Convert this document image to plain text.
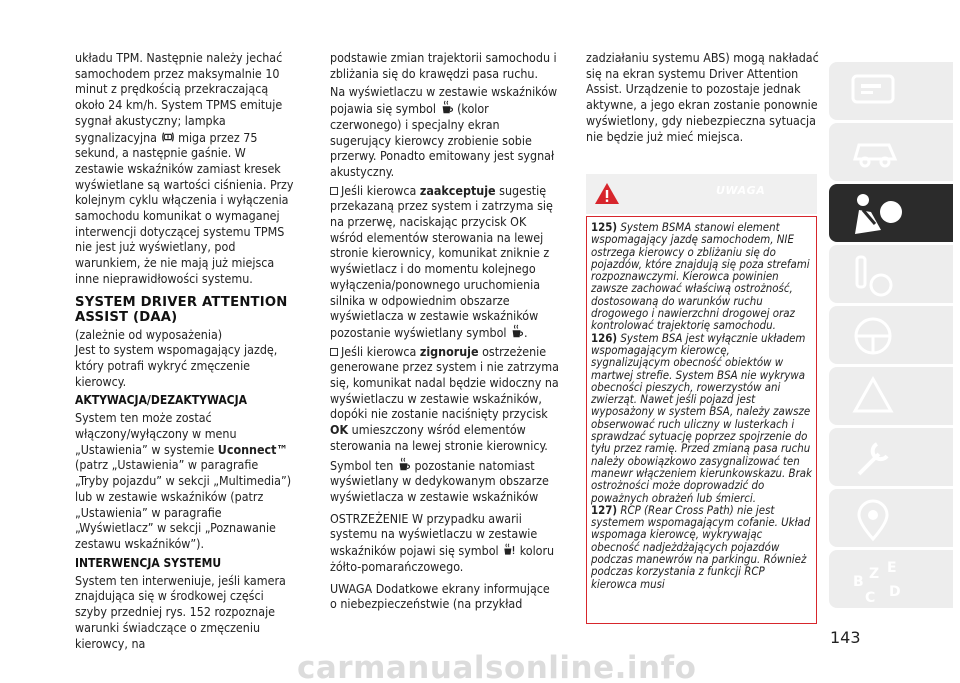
układu TPM. Następnie należy jechać samochodem przez maksymalnie 10 minut z prędkością przekraczającą około 24 km/h. System TPMS emituje sygnał akustyczny; lampka sygnalizacyjna miga przez 75 sekund, a następnie gaśnie. W zestawie wskaźników zamiast kresek wyświetlane są wartości ciśnienia. Przy kolejnym cyklu włączenia i wyłączenia samochodu komunikat o wymaganej interwencji dotyczącej systemu TPMS nie jest już wyświetlany, pod warunkiem, że nie mają już miejsca inne nieprawidłowości systemu.

SYSTEM DRIVER ATTENTION ASSIST (DAA)

(zależnie od wyposażenia)

Jest to system wspomagający jazdę, który potrafi wykryć zmęczenie kierowcy.

AKTYWACJA/DEZAKTYWACJA

System ten może zostać włączony/wyłączony w menu „Ustawienia” w systemie Uconnect™ (patrz „Ustawienia” w paragrafie „Tryby pojazdu” w sekcji „Multimedia”) lub w zestawie wskaźników (patrz „Ustawienia” w paragrafie „Wyświetlacz” w sekcji „Poznawanie zestawu wskaźników”).

INTERWENCJA SYSTEMU

System ten interweniuje, jeśli kamera znajdująca się w środkowej części szyby przedniej rys. 152 rozpoznaje warunki świadczące o zmęczeniu kierowcy, na

podstawie zmian trajektorii samochodu i zbliżania się do krawędzi pasa ruchu.

Na wyświetlaczu w zestawie wskaźników pojawia się symbol (kolor czerwonego) i specjalny ekran sugerujący kierowcy zrobienie sobie przerwy. Ponadto emitowany jest sygnał akustyczny.

Jeśli kierowca zaakceptuje sugestię przekazaną przez system i zatrzyma się na przerwę, naciskając przycisk OK wśród elementów sterowania na lewej stronie kierownicy, komunikat zniknie z wyświetlacz i do momentu kolejnego wyłączenia/ponownego uruchomienia silnika w odpowiednim obszarze wyświetlacza w zestawie wskaźników pozostanie wyświetlany symbol .

Jeśli kierowca zignoruje ostrzeżenie generowane przez system i nie zatrzyma się, komunikat nadal będzie widoczny na wyświetlaczu w zestawie wskaźników, dopóki nie zostanie naciśnięty przycisk OK umieszczony wśród elementów sterowania na lewej stronie kierownicy.

Symbol ten pozostanie natomiast wyświetlany w dedykowanym obszarze wyświetlacza w zestawie wskaźników

OSTRZEŻENIE W przypadku awarii systemu na wyświetlaczu w zestawie wskaźników pojawi się symbol koloru żółto-pomarańczowego.

UWAGA Dodatkowe ekrany informujące o niebezpieczeństwie (na przykład

zadziałaniu systemu ABS) mogą nakładać się na ekran systemu Driver Attention Assist. Urządzenie to pozostaje jednak aktywne, a jego ekran zostanie ponownie wyświetlony, gdy niebezpieczna sytuacja nie będzie już mieć miejsca.

UWAGA

125) System BSMA stanowi element wspomagający jazdę samochodem, NIE ostrzega kierowcy o zbliżaniu się do pojazdów, które znajdują się poza strefami rozpoznawczymi. Kierowca powinien zawsze zachować właściwą ostrożność, dostosowaną do warunków ruchu drogowego i nawierzchni drogowej oraz kontrolować trajektorię samochodu.

126) System BSA jest wyłącznie układem wspomagającym kierowcę, sygnalizującym obecność obiektów w martwej strefie. System BSA nie wykrywa obecności pieszych, rowerzystów ani zwierząt. Nawet jeśli pojazd jest wyposażony w system BSA, należy zawsze obserwować ruch uliczny w lusterkach i sprawdzać sytuację poprzez spojrzenie do tyłu przez ramię. Przed zmianą pasa ruchu należy obowiązkowo zasygnalizować ten manewr włączeniem kierunkowskazu. Brak ostrożności może doprowadzić do poważnych obrażeń lub śmierci.

127) RCP (Rear Cross Path) nie jest systemem wspomagającym cofanie. Układ wspomaga kierowcę, wykrywając obecność nadjeżdżających pojazdów podczas manewrów na parkingu. Również podczas korzystania z funkcji RCP kierowca musi	B Z E
C D
143
carmanualsonline.info
